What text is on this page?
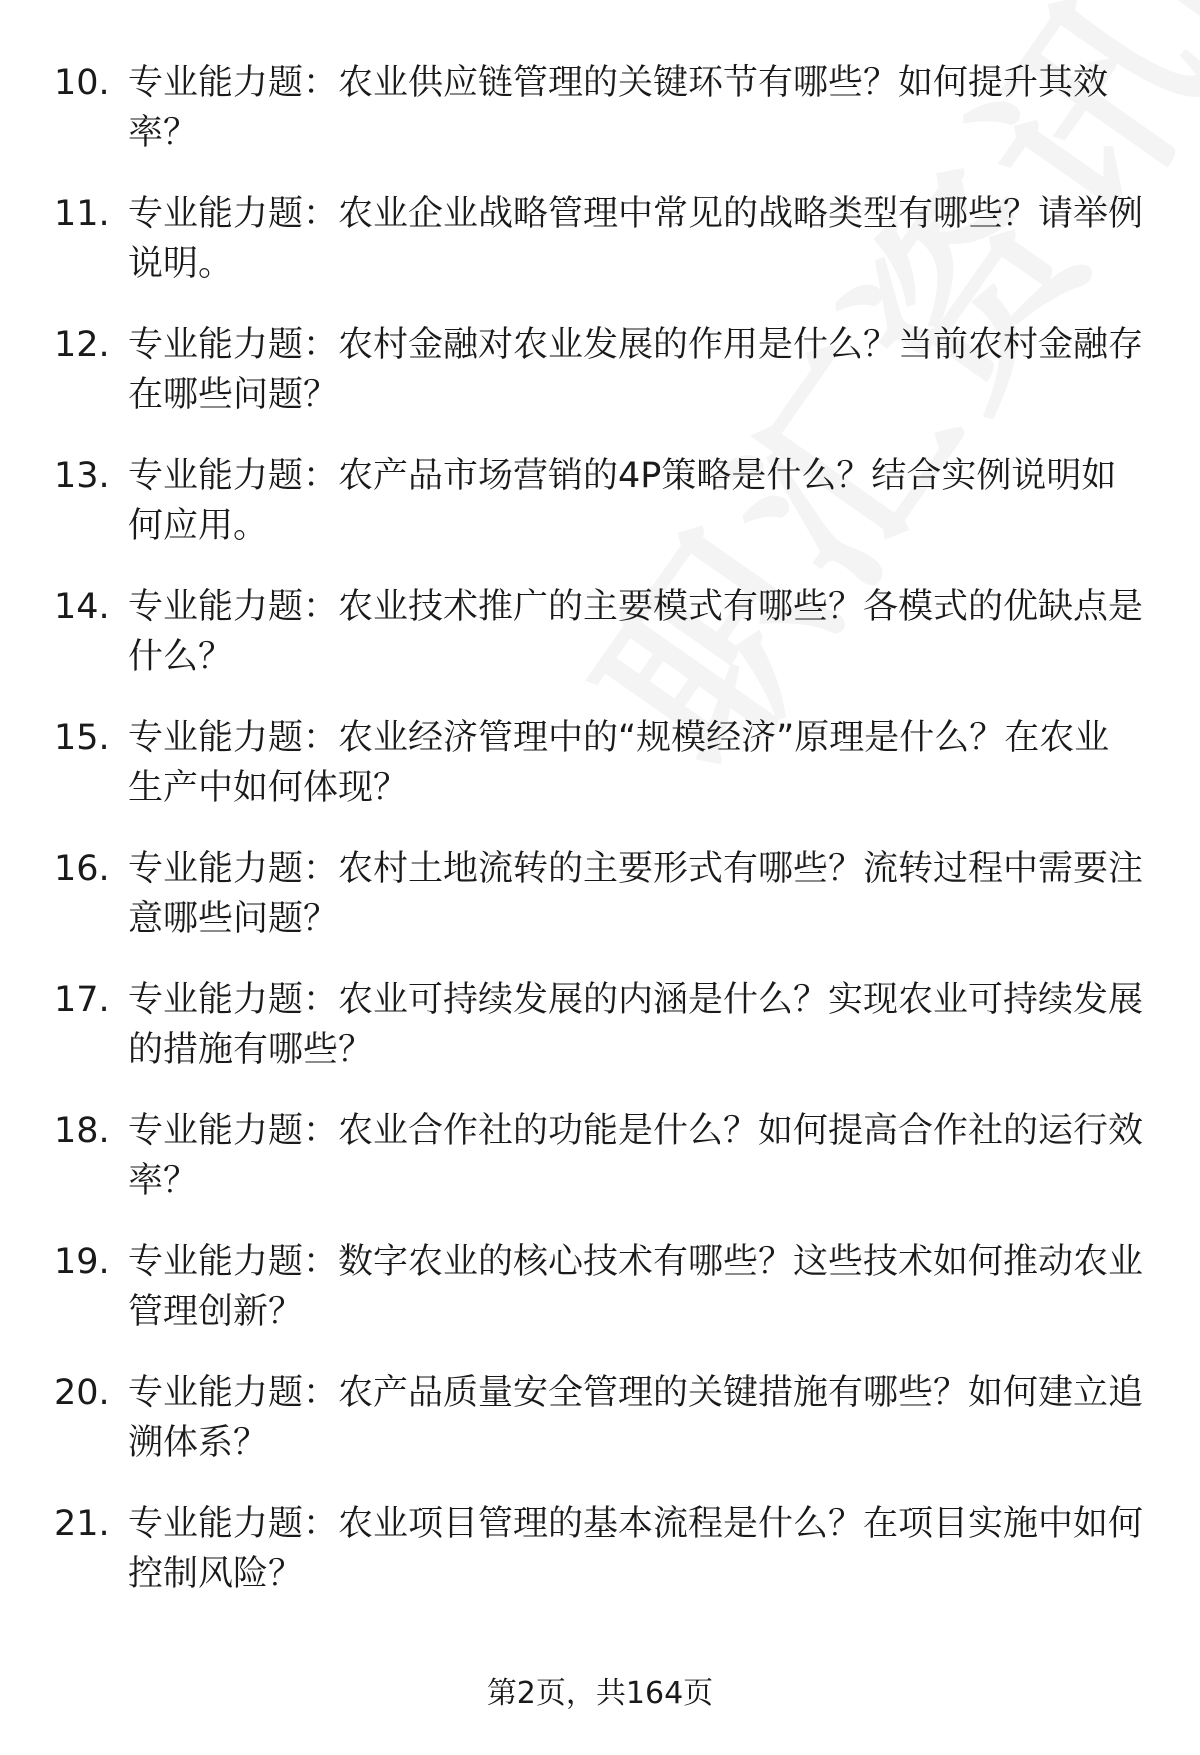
10. 专业能力题：农业供应链管理的关键环节有哪些？如何提升其效率？
11. 专业能力题：农业企业战略管理中常见的战略类型有哪些？请举例说明。
12. 专业能力题：农村金融对农业发展的作用是什么？当前农村金融存在哪些问题？
13. 专业能力题：农产品市场营销的4P策略是什么？结合实例说明如何应用。
14. 专业能力题：农业技术推广的主要模式有哪些？各模式的优缺点是什么？
15. 专业能力题：农业经济管理中的“规模经济”原理是什么？在农业生产中如何体现？
16. 专业能力题：农村土地流转的主要形式有哪些？流转过程中需要注意哪些问题？
17. 专业能力题：农业可持续发展的内涵是什么？实现农业可持续发展的措施有哪些？
18. 专业能力题：农业合作社的功能是什么？如何提高合作社的运行效率？
19. 专业能力题：数字农业的核心技术有哪些？这些技术如何推动农业管理创新？
20. 专业能力题：农产品质量安全管理的关键措施有哪些？如何建立追溯体系？
21. 专业能力题：农业项目管理的基本流程是什么？在项目实施中如何控制风险？
第2页，共164页
